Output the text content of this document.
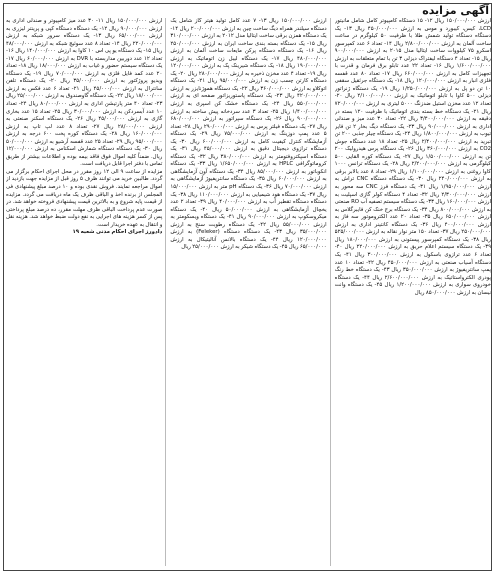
آگهی مزایده

ارزش ۱۵۰/۰۰۰/۰۰۰ ریال ۱۲- ۱۵ دستگاه کامپیوتر کامل شامل مانیتور LCD، کیس، کیبورد و موس به ارزش ۴۵۰/۰۰۰/۰۰۰ ریال ۱۳- یک دستگاه دستگاه تولید شمش طلا با ظرفیت ۵۰ کیلوگرم در ساعت ساخت آلمان به ارزش ۲/۸۰۰/۰۰۰/۰۰۰ ریال ۱۴- تعداد ۶ عدد کمپرسور اسکرو ۷۵ کیلووات ساخت ایتالیا مدل ۲۰۱۵ به ارزش ۹۰۰/۰۰۰/۰۰۰ ریال ۱۵- تعداد ۴ دستگاه لیفتراک دیزلی ۳ تن با تمام متعلقات به ارزش ۱/۶۰۰/۰۰۰/۰۰۰ ریال ۱۶- تعداد ۲۲ عدد تابلو برق فرمان و قدرت با تجهیزات کامل به ارزش ۶۶۰/۰۰۰/۰۰۰ ریال ۱۷- تعداد ۸۰ عدد قفسه فلزی انبار به ارزش ۱۲۰/۰۰۰/۰۰۰ ریال ۱۸- یک دستگاه جرثقیل سقفی ۱۰ تن دو پل به ارزش ۱/۲۵۰/۰۰۰/۰۰۰ ریال ۱۹- یک دستگاه ژنراتور دیزلی ۵۰۰ کاوا با تابلو اتوماتیک به ارزش ۲/۱۰۰/۰۰۰/۰۰۰ ریال ۲۰- تعداد ۱۲ عدد مخزن استیل ضدزنگ ۵۰۰۰ لیتری به ارزش ۷۲۰/۰۰۰/۰۰۰ ریال ۲۱- یک دستگاه خط بسته بندی اتوماتیک با ظرفیت ۱۲۰ بسته در دقیقه به ارزش ۳/۴۰۰/۰۰۰/۰۰۰ ریال ۲۲- تعداد ۳۰ عدد میز و صندلی اداری به ارزش ۹۰/۰۰۰/۰۰۰ ریال ۲۳- یک دستگاه دیگ بخار ۲ تن فایر تیوب به ارزش ۱/۸۰۰/۰۰۰/۰۰۰ ریال ۲۴- یک دستگاه چیلر جذبی ۲۰۰ تن تبرید به ارزش ۲/۴۰۰/۰۰۰/۰۰۰ ریال ۲۵- تعداد ۱۸ عدد دستگاه جوش CO2 به ارزش ۳۶۰/۰۰۰/۰۰۰ ریال ۲۶- یک دستگاه پرس هیدرولیک ۲۰۰ تن به ارزش ۱/۵۰۰/۰۰۰/۰۰۰ ریال ۲۷- یک دستگاه کوره القایی ۵۰۰ کیلوگرمی به ارزش ۲/۲۰۰/۰۰۰/۰۰۰ ریال ۲۸- یک دستگاه ترانس ۱۰۰۰ کاوا روغنی به ارزش ۱/۱۰۰/۰۰۰/۰۰۰ ریال ۲۹- تعداد ۸ عدد بالابر برقی به ارزش ۲۴۰/۰۰۰/۰۰۰ ریال ۳۰- یک دستگاه دستگاه CNC تراش به ارزش ۱/۹۵۰/۰۰۰/۰۰۰ ریال ۳۱- یک دستگاه فرز CNC سه محور به ارزش ۲/۳۰۰/۰۰۰/۰۰۰ ریال ۳۲- تعداد ۴ دستگاه کولر گازی اسپلیت به ارزش ۱۶۰/۰۰۰/۰۰۰ ریال ۳۳- یک دستگاه سیستم تصفیه آب RO صنعتی به ارزش ۸۰۰/۰۰۰/۰۰۰ ریال ۳۴- یک دستگاه برج خنک کن فایبرگلاس به ارزش ۶۵۰/۰۰۰/۰۰۰ ریال ۳۵- تعداد ۲۰ عدد الکتروموتور سه فاز به ارزش ۴۰۰/۰۰۰/۰۰۰ ریال ۳۶- یک دستگاه کانتینر اداری به ارزش ۲۵۰/۰۰۰/۰۰۰ ریال ۳۷- تعداد ۱۵۰ متر نوار نقاله به ارزش ۵۲۵/۰۰۰/۰۰۰ ریال ۳۸- یک دستگاه کمپرسور پیستونی به ارزش ۱۸۰/۰۰۰/۰۰۰ ریال ۳۹- یک دستگاه سیستم اعلام حریق به ارزش ۲۲۰/۰۰۰/۰۰۰ ریال ۴۰- تعداد ۶ عدد ترازوی باسکول به ارزش ۳۰۰/۰۰۰/۰۰۰ ریال ۴۱- یک دستگاه آسیاب صنعتی به ارزش ۴۵۰/۰۰۰/۰۰۰ ریال ۴۲- تعداد ۱۰ عدد پمپ سانتریفیوژ به ارزش ۳۵۰/۰۰۰/۰۰۰ ریال ۴۳- یک دستگاه خط رنگ پودری الکترواستاتیک به ارزش ۲/۶۰۰/۰۰۰/۰۰۰ ریال ۴۴- یک دستگاه خودروی سواری به ارزش ۱/۲۰۰/۰۰۰/۰۰۰ ریال ۴۵- یک دستگاه وانت نیسان به ارزش ۸۵۰/۰۰۰/۰۰۰ ریال

ارزش ۱۵۰/۰۰۰/۰۰۰ ریال ۱۳- ۷ عدد کامل تولید هیتر گاز شامل یک دستگاه سیلندر همراه دیگ ساخت چین به ارزش ۲۰۰/۰۰۰/۰۰۰ ریال ۱۴- یک دستگاه همزن برقی ساخت ایتالیا مدل ۲۰۱۲ به ارزش ۳۱۰/۰۰۰/۰۰۰ ریال ۱۵- یک دستگاه بسته بندی ساخت ایران به ارزش ۲۵۰/۰۰۰/۰۰۰ ریال ۱۶- یک دستگاه دستگاه پرکن مایعات ساخت آلمان به ارزش ۴۸۰/۰۰۰/۰۰۰ ریال ۱۷- یک دستگاه لیبل زن اتوماتیک به ارزش ۱۹۰/۰۰۰/۰۰۰ ریال ۱۸- یک دستگاه شیرینک پک به ارزش ۱۲۰/۰۰۰/۰۰۰ ریال ۱۹- تعداد ۴ عدد مخزن ذخیره به ارزش ۲۸۰/۰۰۰/۰۰۰ ریال ۲۰- یک دستگاه کارتن چسب زن به ارزش ۹۵/۰۰۰/۰۰۰ ریال ۲۱- یک دستگاه اتوکلاو به ارزش ۳۶۰/۰۰۰/۰۰۰ ریال ۲۲- یک دستگاه هموژنایزر به ارزش ۴۲۰/۰۰۰/۰۰۰ ریال ۲۳- یک دستگاه پاستوریزاتور صفحه ای به ارزش ۵۵۰/۰۰۰/۰۰۰ ریال ۲۴- یک دستگاه خشک کن اسپری به ارزش ۱/۴۰۰/۰۰۰/۰۰۰ ریال ۲۵- تعداد ۳ عدد سردخانه پیش ساخته به ارزش ۹۰۰/۰۰۰/۰۰۰ ریال ۲۶- یک دستگاه سپراتور به ارزش ۶۸۰/۰۰۰/۰۰۰ ریال ۲۷- یک دستگاه فیلتر پرس به ارزش ۲۹۰/۰۰۰/۰۰۰ ریال ۲۸- تعداد ۵ عدد پمپ دوزینگ به ارزش ۷۵/۰۰۰/۰۰۰ ریال ۲۹- یک دستگاه آزمایشگاه کنترل کیفیت کامل به ارزش ۶۰۰/۰۰۰/۰۰۰ ریال ۳۰- یک دستگاه ترازوی دیجیتال دقیق به ارزش ۴۵/۰۰۰/۰۰۰ ریال ۳۱- یک دستگاه اسپکتروفتومتر به ارزش ۳۸۰/۰۰۰/۰۰۰ ریال ۳۲- یک دستگاه کروماتوگرافی HPLC به ارزش ۱/۶۵۰/۰۰۰/۰۰۰ ریال ۳۳- یک دستگاه انکوباتور به ارزش ۸۵/۰۰۰/۰۰۰ ریال ۳۴- یک دستگاه آون آزمایشگاهی به ارزش ۶۰/۰۰۰/۰۰۰ ریال ۳۵- یک دستگاه سانتریفیوژ آزمایشگاهی به ارزش ۷۰/۰۰۰/۰۰۰ ریال ۳۶- یک دستگاه pH متر به ارزش ۱۵/۰۰۰/۰۰۰ ریال ۳۷- یک دستگاه هود شیمیایی به ارزش ۱۱۰/۰۰۰/۰۰۰ ریال ۳۸- یک دستگاه دستگاه تقطیر آب به ارزش ۴۰/۰۰۰/۰۰۰ ریال ۳۹- تعداد ۲ عدد یخچال آزمایشگاهی به ارزش ۵۰/۰۰۰/۰۰۰ ریال ۴۰- یک دستگاه میکروسکوپ به ارزش ۹۰/۰۰۰/۰۰۰ ریال ۴۱- یک دستگاه ویسکومتر به ارزش ۵۵/۰۰۰/۰۰۰ ریال ۴۲- یک دستگاه رطوبت سنج به ارزش ۳۵/۰۰۰/۰۰۰ ریال ۴۳- یک دستگاه دستگاه (Feleker) به ارزش ۱۲۰/۰۰۰/۰۰۰ ریال ۴۴- یک دستگاه بالانس آنالیتیکال به ارزش ۶۵/۰۰۰/۰۰۰ ریال ۴۵- یک دستگاه شیکر به ارزش ۲۵/۰۰۰/۰۰۰ ریال

ارزش ۱۵۰/۰۰۰/۰۰۰ ریال ۱۱- ۳۰ عدد میز کامپیوتر و صندلی اداری به ارزش ۹۰/۰۰۰/۰۰۰ ریال ۱۲- یک دستگاه دستگاه کپی و پرینتر لیزری به ارزش ۶۵/۰۰۰/۰۰۰ ریال ۱۳- یک دستگاه سرور شبکه به ارزش ۲۲۰/۰۰۰/۰۰۰ ریال ۱۴- تعداد ۸ عدد سوئیچ شبکه به ارزش ۴۸/۰۰۰/۰۰۰ ریال ۱۵- یک دستگاه یو پی اس ۱۰ کاوا به ارزش ۱۴۰/۰۰۰/۰۰۰ ریال ۱۶- تعداد ۱۲ عدد دوربین مداربسته با DVR به ارزش ۶۰/۰۰۰/۰۰۰ ریال ۱۷- یک دستگاه سیستم حضور و غیاب به ارزش ۱۸/۰۰۰/۰۰۰ ریال ۱۸- تعداد ۲۰ عدد کمد فایل فلزی به ارزش ۷۰/۰۰۰/۰۰۰ ریال ۱۹- یک دستگاه ویدیو پروژکتور به ارزش ۳۵/۰۰۰/۰۰۰ ریال ۲۰- یک دستگاه تلفن سانترال به ارزش ۴۵/۰۰۰/۰۰۰ ریال ۲۱- تعداد ۶ عدد فکس به ارزش ۱۸/۰۰۰/۰۰۰ ریال ۲۲- یک دستگاه گاوصندوق به ارزش ۲۵/۰۰۰/۰۰۰ ریال ۲۳- تعداد ۴۰ متر پارتیشن اداری به ارزش ۸۰/۰۰۰/۰۰۰ ریال ۲۴- تعداد ۱۰ عدد آبسردکن به ارزش ۳۰/۰۰۰/۰۰۰ ریال ۲۵- تعداد ۱۵ عدد بخاری گازی به ارزش ۴۵/۰۰۰/۰۰۰ ریال ۲۶- یک دستگاه اسکنر صنعتی به ارزش ۲۸/۰۰۰/۰۰۰ ریال ۲۷- تعداد ۸ عدد لپ تاپ به ارزش ۱۶۰/۰۰۰/۰۰۰ ریال ۲۸- یک دستگاه کوره پخت ۶۰۰ درجه به ارزش ۹۵/۰۰۰/۰۰۰ ریال ۲۹- تعداد ۲۵ عدد قفسه آرشیو به ارزش ۵۰/۰۰۰/۰۰۰ ریال ۳۰- یک دستگاه دستگاه شمارش اسکناس به ارزش ۱۲/۰۰۰/۰۰۰ ریال. ضمناً کلیه اموال فوق فاقد بیمه بوده و اطلاعات بیشتر از طریق تماس با دفتر اجرا قابل دریافت است.

مزایده از ساعت ۹ الی ۱۲ روز مقرر در محل اجرای احکام برگزار می گردد. طالبین خرید می توانند ظرف ۵ روز قبل از مزایده جهت بازدید از اموال مراجعه نمایند. فروش نقدی بوده و ۱۰ درصد مبلغ پیشنهادی فی المجلس از برنده اخذ و الباقی ظرف یک ماه دریافت می گردد. مزایده از قیمت پایه شروع و به بالاترین قیمت پیشنهادی فروخته خواهد شد. در صورت عدم پرداخت الباقی ظرف مهلت مقرر، ده درصد مبلغ پرداختی پس از کسر هزینه های اجرایی به نفع دولت ضبط خواهد شد. هزینه نقل و انتقال به عهده خریدار است.

دادورز اجرای احکام مدنی شعبه ۱۹
